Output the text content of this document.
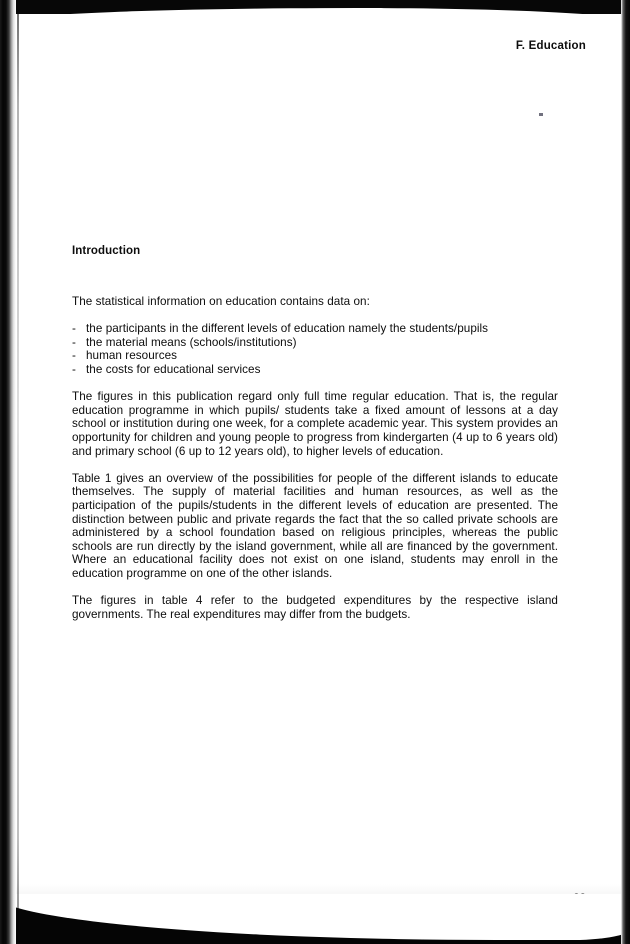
F. Education
Introduction

The statistical information on education contains data on:

- the participants in the different levels of education namely the students/pupils
- the material means (schools/institutions)
- human resources
- the costs for educational services

The figures in this publication regard only full time regular education. That is, the regular education programme in which pupils/ students take a fixed amount of lessons at a day school or institution during one week, for a complete academic year. This system provides an opportunity for children and young people to progress from kindergarten (4 up to 6 years old) and primary school (6 up to 12 years old), to higher levels of education.

Table 1 gives an overview of the possibilities for people of the different islands to educate themselves. The supply of material facilities and human resources, as well as the participation of the pupils/students in the different levels of education are presented. The distinction between public and private regards the fact that the so called private schools are administered by a school foundation based on religious principles, whereas the public schools are run directly by the island government, while all are financed by the government. Where an educational facility does not exist on one island, students may enroll in the education programme on one of the other islands.

The figures in table 4 refer to the budgeted expenditures by the respective island governments. The real expenditures may differ from the budgets.
